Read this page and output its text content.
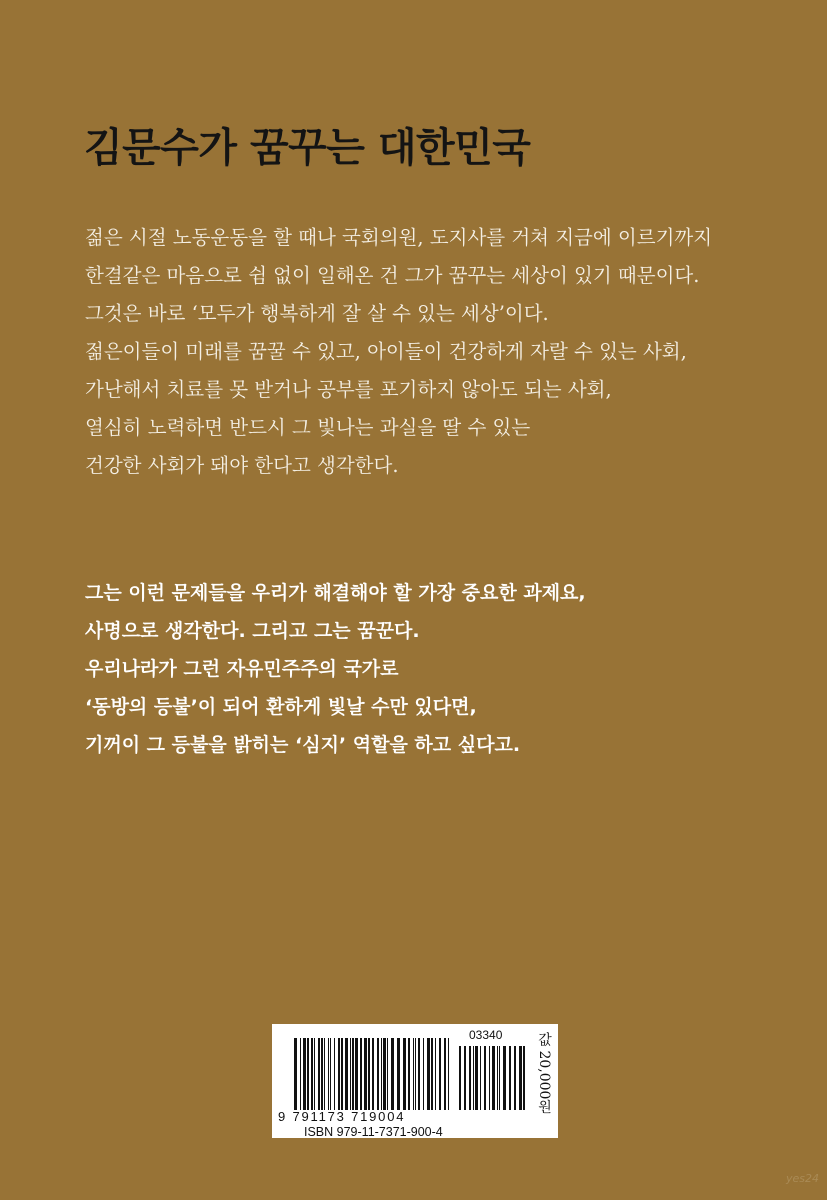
김문수가 꿈꾸는 대한민국
젊은 시절 노동운동을 할 때나 국회의원, 도지사를 거쳐 지금에 이르기까지
한결같은 마음으로 쉼 없이 일해온 건 그가 꿈꾸는 세상이 있기 때문이다.
그것은 바로 ‘모두가 행복하게 잘 살 수 있는 세상’이다.
젊은이들이 미래를 꿈꿀 수 있고, 아이들이 건강하게 자랄 수 있는 사회,
가난해서 치료를 못 받거나 공부를 포기하지 않아도 되는 사회,
열심히 노력하면 반드시 그 빛나는 과실을 딸 수 있는
건강한 사회가 돼야 한다고 생각한다.
그는 이런 문제들을 우리가 해결해야 할 가장 중요한 과제요,
사명으로 생각한다. 그리고 그는 꿈꾼다.
우리나라가 그런 자유민주주의 국가로
‘동방의 등불’이 되어 환하게 빛날 수만 있다면,
기꺼이 그 등불을 밝히는 ‘심지’ 역할을 하고 싶다고.
03340
9 791173 719004
ISBN 979-11-7371-900-4
값 20,000원
yes24
